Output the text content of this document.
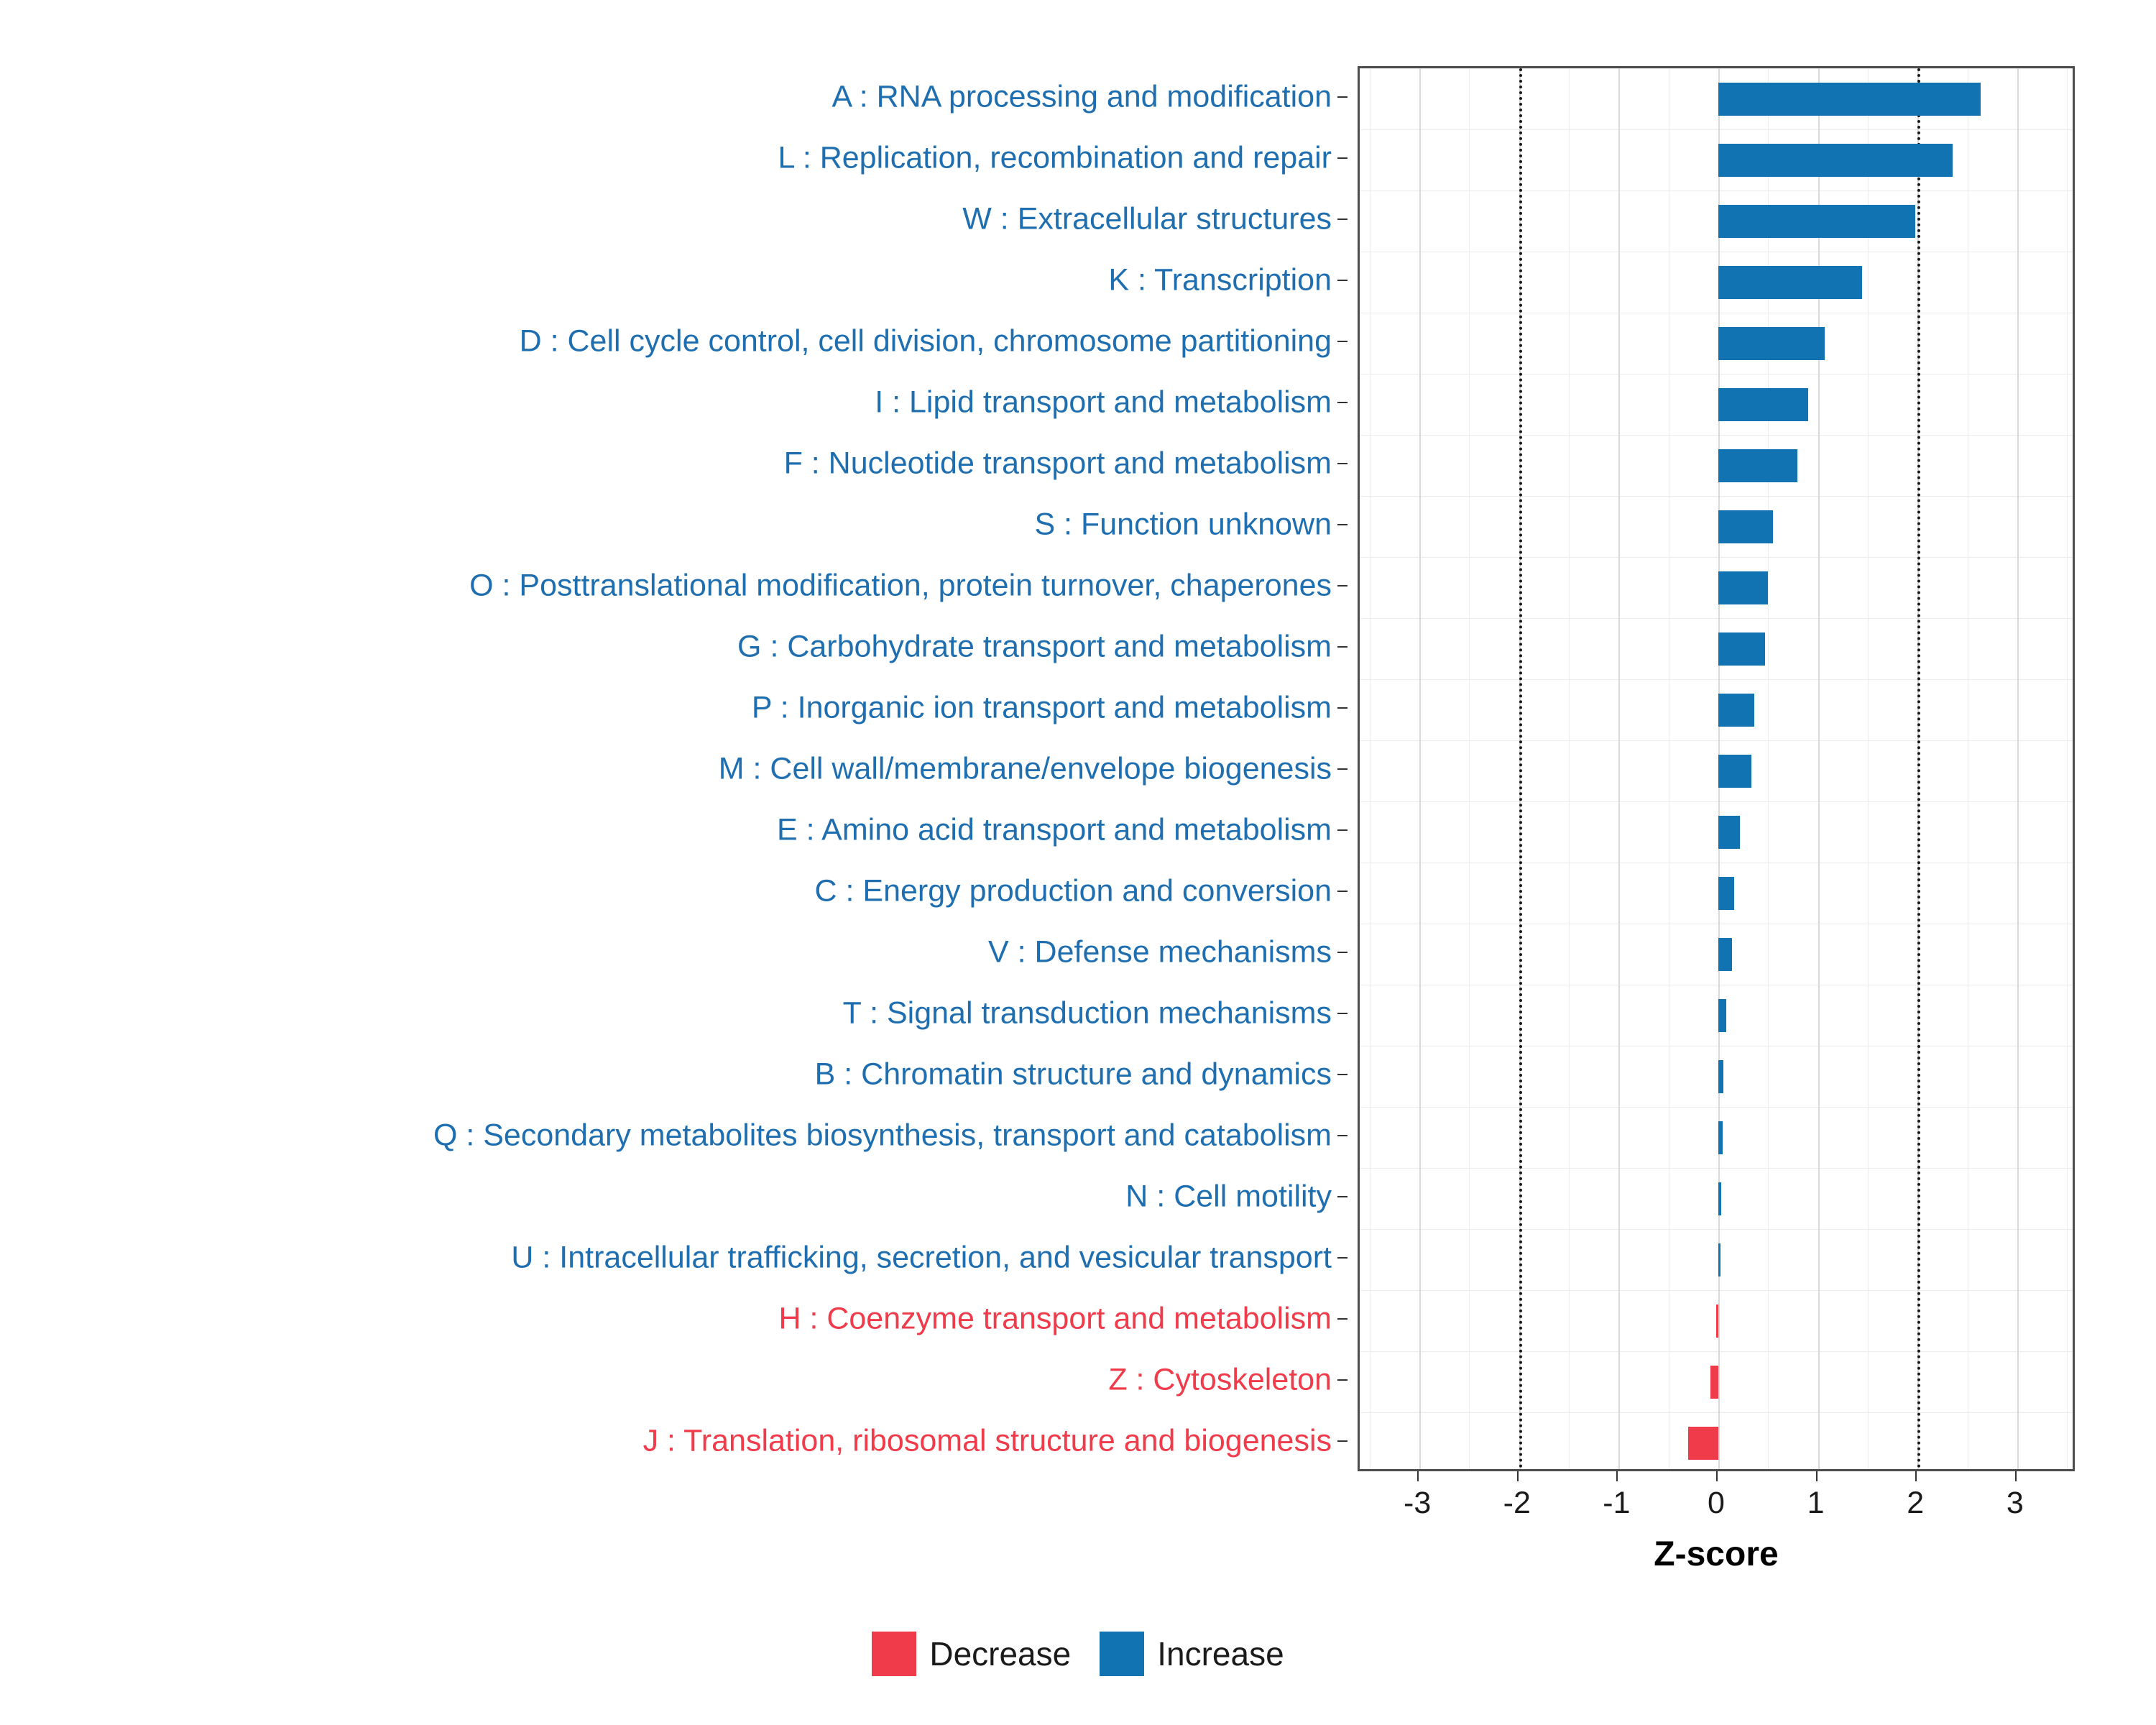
A : RNA processing and modification
L : Replication, recombination and repair
W : Extracellular structures
K : Transcription
D : Cell cycle control, cell division, chromosome partitioning
I : Lipid transport and metabolism
F : Nucleotide transport and metabolism
S : Function unknown
O : Posttranslational modification, protein turnover, chaperones
G : Carbohydrate transport and metabolism
P : Inorganic ion transport and metabolism
M : Cell wall/membrane/envelope biogenesis
E : Amino acid transport and metabolism
C : Energy production and conversion
V : Defense mechanisms
T : Signal transduction mechanisms
B : Chromatin structure and dynamics
Q : Secondary metabolites biosynthesis, transport and catabolism
N : Cell motility
U : Intracellular trafficking, secretion, and vesicular transport
H : Coenzyme transport and metabolism
Z : Cytoskeleton
J : Translation, ribosomal structure and biogenesis
-3 -2 -1	0	1	2	3
Z-score
Decrease	Increase
